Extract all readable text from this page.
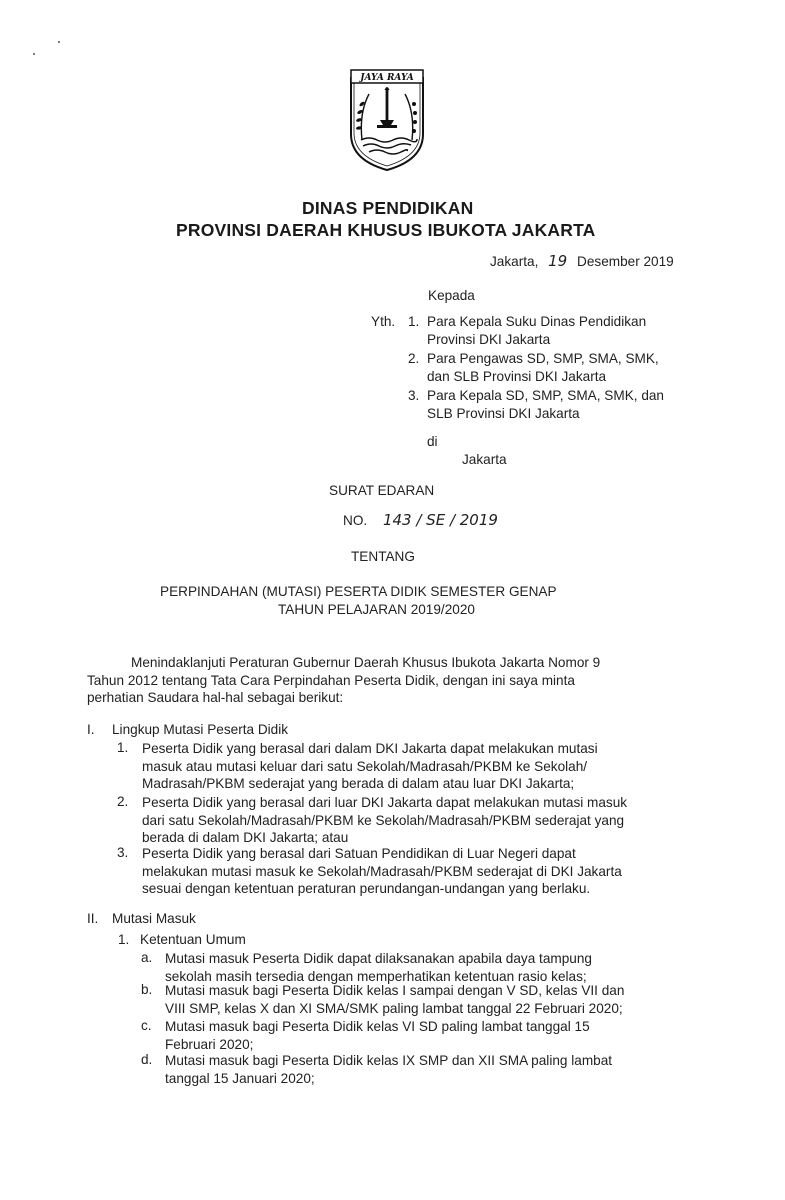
JAYA RAYA
DINAS PENDIDIKAN
PROVINSI DAERAH KHUSUS IBUKOTA JAKARTA
Jakarta, 19 Desember 2019
Kepada
Yth. 1. Para Kepala Suku Dinas Pendidikan
Provinsi DKI Jakarta
2. Para Pengawas SD, SMP, SMA, SMK,
dan SLB Provinsi DKI Jakarta
3. Para Kepala SD, SMP, SMA, SMK, dan
SLB Provinsi DKI Jakarta
di
Jakarta
SURAT EDARAN
NO. 143 / SE / 2019
TENTANG
PERPINDAHAN (MUTASI) PESERTA DIDIK SEMESTER GENAP
TAHUN PELAJARAN 2019/2020
Menindaklanjuti Peraturan Gubernur Daerah Khusus Ibukota Jakarta Nomor 9
Tahun 2012 tentang Tata Cara Perpindahan Peserta Didik, dengan ini saya minta
perhatian Saudara hal-hal sebagai berikut:
I. Lingkup Mutasi Peserta Didik
1. Peserta Didik yang berasal dari dalam DKI Jakarta dapat melakukan mutasi
masuk atau mutasi keluar dari satu Sekolah/Madrasah/PKBM ke Sekolah/
Madrasah/PKBM sederajat yang berada di dalam atau luar DKI Jakarta;
2. Peserta Didik yang berasal dari luar DKI Jakarta dapat melakukan mutasi masuk
dari satu Sekolah/Madrasah/PKBM ke Sekolah/Madrasah/PKBM sederajat yang
berada di dalam DKI Jakarta; atau
3. Peserta Didik yang berasal dari Satuan Pendidikan di Luar Negeri dapat
melakukan mutasi masuk ke Sekolah/Madrasah/PKBM sederajat di DKI Jakarta
sesuai dengan ketentuan peraturan perundangan-undangan yang berlaku.
II. Mutasi Masuk
1. Ketentuan Umum
a. Mutasi masuk Peserta Didik dapat dilaksanakan apabila daya tampung
sekolah masih tersedia dengan memperhatikan ketentuan rasio kelas;
b. Mutasi masuk bagi Peserta Didik kelas I sampai dengan V SD, kelas VII dan
VIII SMP, kelas X dan XI SMA/SMK paling lambat tanggal 22 Februari 2020;
c. Mutasi masuk bagi Peserta Didik kelas VI SD paling lambat tanggal 15
Februari 2020;
d. Mutasi masuk bagi Peserta Didik kelas IX SMP dan XII SMA paling lambat
tanggal 15 Januari 2020;
